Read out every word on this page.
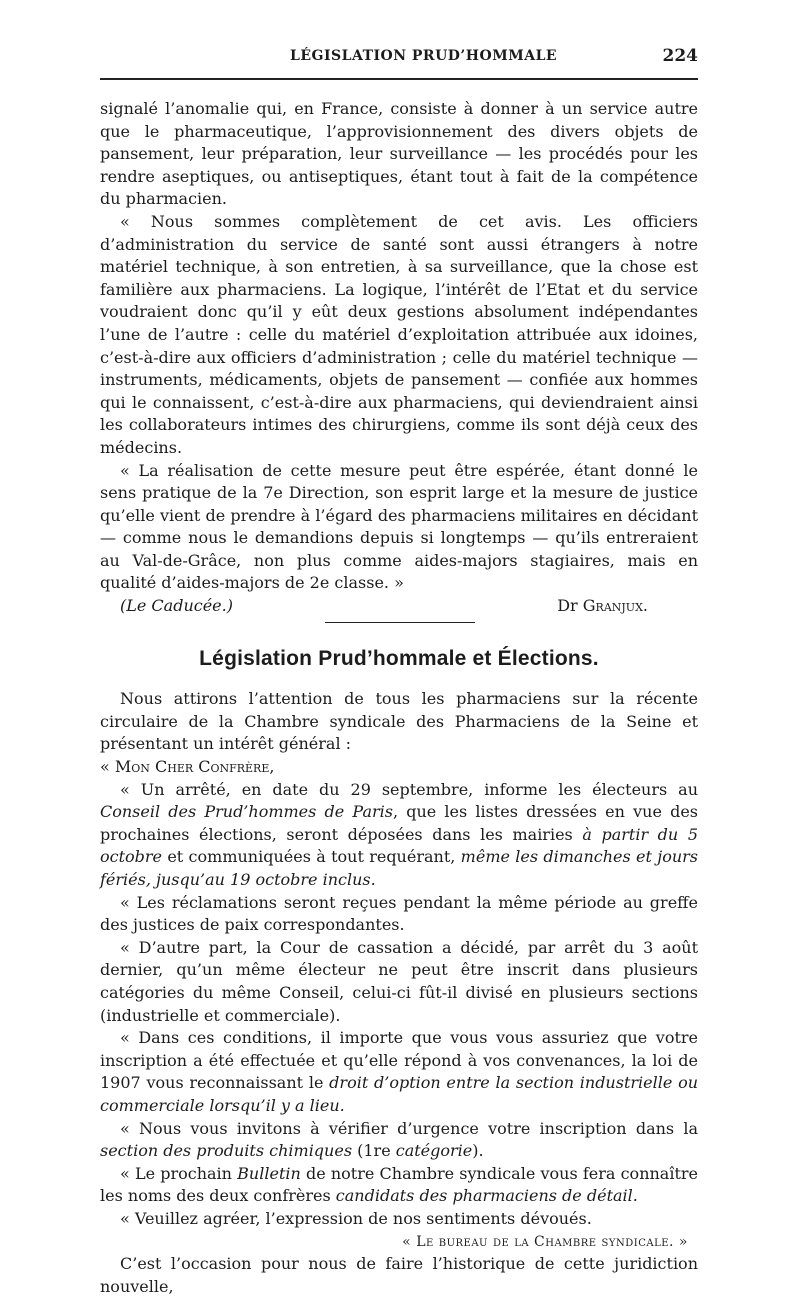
LÉGISLATION PRUD’HOMMALE	224

signalé l’anomalie qui, en France, consiste à donner à un service autre que le pharmaceutique, l’approvisionnement des divers objets de pansement, leur préparation, leur surveillance — les procédés pour les rendre aseptiques, ou antiseptiques, étant tout à fait de la compétence du pharmacien.

« Nous sommes complètement de cet avis. Les officiers d’administration du service de santé sont aussi étrangers à notre matériel technique, à son entretien, à sa surveillance, que la chose est familière aux pharmaciens. La logique, l’intérêt de l’Etat et du service voudraient donc qu’il y eût deux gestions absolument indépendantes l’une de l’autre : celle du matériel d’exploitation attribuée aux idoines, c’est-à-dire aux officiers d’administration ; celle du matériel technique — instruments, médicaments, objets de pansement — confiée aux hommes qui le connaissent, c’est-à-dire aux pharmaciens, qui deviendraient ainsi les collaborateurs intimes des chirurgiens, comme ils sont déjà ceux des médecins.

« La réalisation de cette mesure peut être espérée, étant donné le sens pratique de la 7e Direction, son esprit large et la mesure de justice qu’elle vient de prendre à l’égard des pharmaciens militaires en décidant — comme nous le demandions depuis si longtemps — qu’ils entreraient au Val-de-Grâce, non plus comme aides-majors stagiaires, mais en qualité d’aides-majors de 2e classe. »

(Le Caducée.)	Dr Granjux.
Législation Prud’hommale et Élections.

Nous attirons l’attention de tous les pharmaciens sur la récente circulaire de la Chambre syndicale des Pharmaciens de la Seine et présentant un intérêt général :

« Mon Cher Confrère,

« Un arrêté, en date du 29 septembre, informe les électeurs au Conseil des Prud’hommes de Paris, que les listes dressées en vue des prochaines élections, seront déposées dans les mairies à partir du 5 octobre et communiquées à tout requérant, même les dimanches et jours fériés, jusqu’au 19 octobre inclus.

« Les réclamations seront reçues pendant la même période au greffe des justices de paix correspondantes.

« D’autre part, la Cour de cassation a décidé, par arrêt du 3 août dernier, qu’un même électeur ne peut être inscrit dans plusieurs catégories du même Conseil, celui-ci fût-il divisé en plusieurs sections (industrielle et commerciale).

« Dans ces conditions, il importe que vous vous assuriez que votre inscription a été effectuée et qu’elle répond à vos convenances, la loi de 1907 vous reconnaissant le droit d’option entre la section industrielle ou commerciale lorsqu’il y a lieu.

« Nous vous invitons à vérifier d’urgence votre inscription dans la section des produits chimiques (1re catégorie).

« Le prochain Bulletin de notre Chambre syndicale vous fera connaître les noms des deux confrères candidats des pharmaciens de détail.

« Veuillez agréer, l’expression de nos sentiments dévoués.

« Le bureau de la Chambre syndicale. »

C’est l’occasion pour nous de faire l’historique de cette juridiction nouvelle,
